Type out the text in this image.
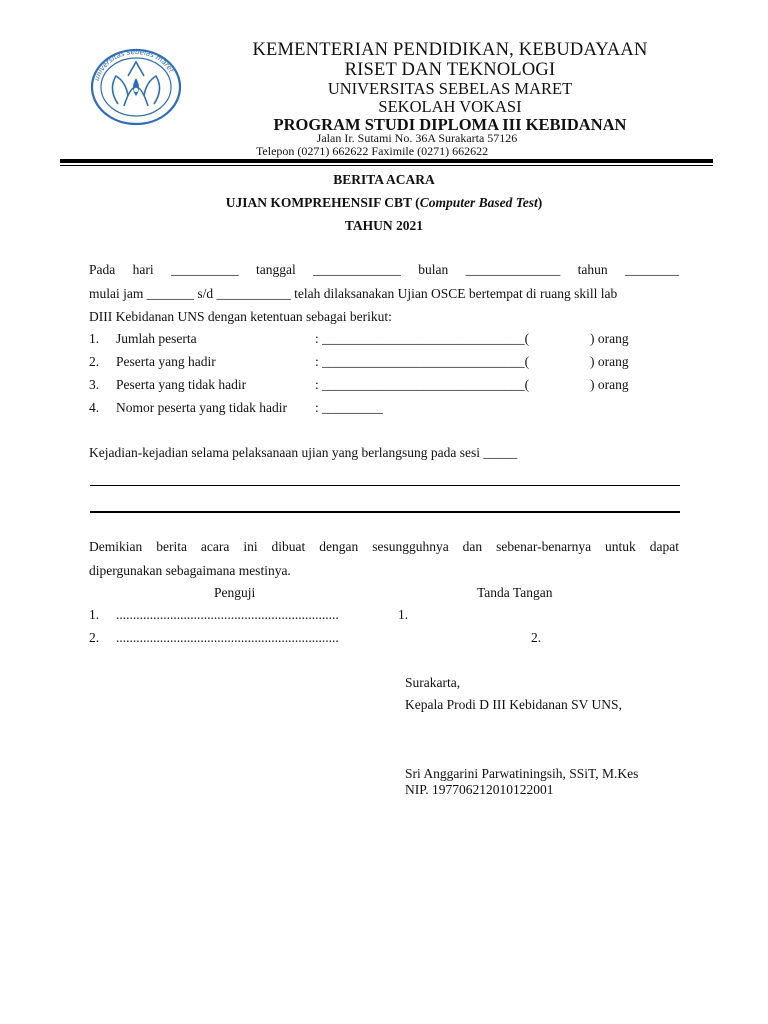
universitas sebelas maret
KEMENTERIAN PENDIDIKAN, KEBUDAYAAN
RISET DAN TEKNOLOGI
UNIVERSITAS SEBELAS MARET
SEKOLAH VOKASI
PROGRAM STUDI DIPLOMA III KEBIDANAN
Jalan Ir. Sutami No. 36A Surakarta 57126
Telepon (0271) 662622 Faximile (0271) 662622
BERITA ACARA
UJIAN KOMPREHENSIF CBT (Computer Based Test)
TAHUN 2021
Pada hari __________ tanggal _____________ bulan ______________ tahun ________
mulai jam _______ s/d ___________ telah dilaksanakan Ujian OSCE bertempat di ruang skill lab
DIII Kebidanan UNS dengan ketentuan sebagai berikut:
1. Jumlah peserta	: ______________________________(	) orang
2. Peserta yang hadir	: ______________________________(	) orang
3. Peserta yang tidak hadir	: ______________________________(	) orang
4. Nomor peserta yang tidak hadir : _________
Kejadian-kejadian selama pelaksanaan ujian yang berlangsung pada sesi _____
Demikian berita acara ini dibuat dengan sesungguhnya dan sebenar-benarnya untuk dapat
dipergunakan sebagaimana mestinya.
Penguji	Tanda Tangan
1. ..................................................................	1.
2. ..................................................................	2.
Surakarta,
Kepala Prodi D III Kebidanan SV UNS,
Sri Anggarini Parwatiningsih, SSiT, M.Kes
NIP. 197706212010122001
